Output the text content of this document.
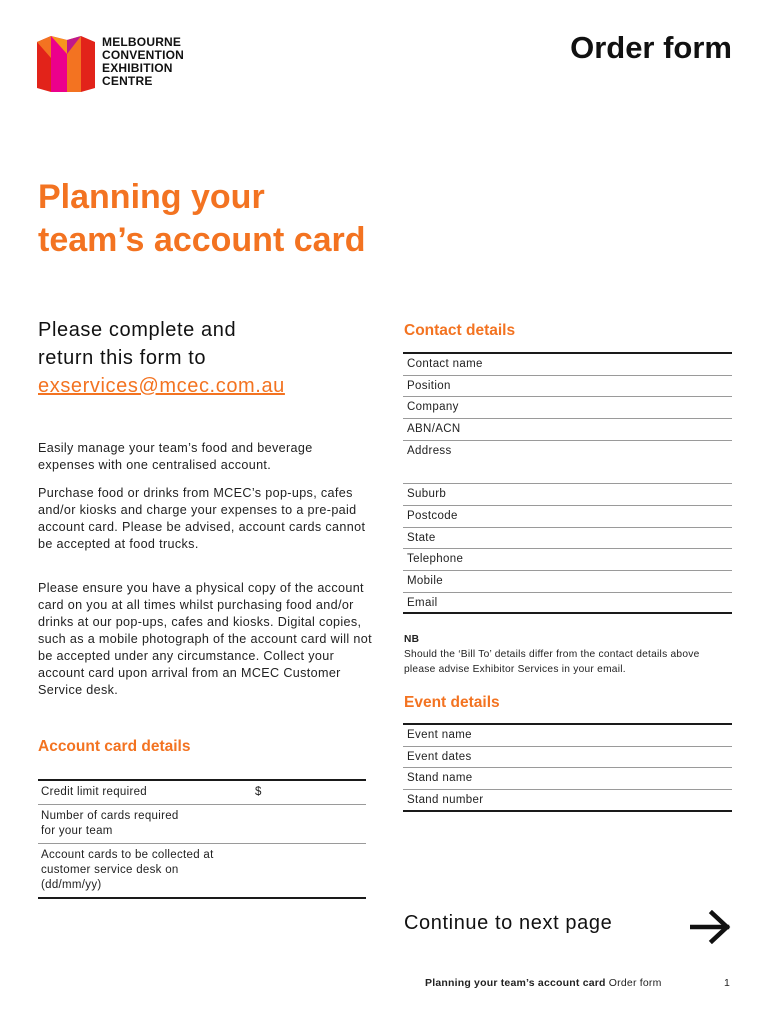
MELBOURNE
CONVENTION
EXHIBITION
CENTRE
Order form
Planning your
team’s account card
Please complete and
return this form to
exservices@mcec.com.au
Easily manage your team’s food and beverage expenses with one centralised account.
Purchase food or drinks from MCEC’s pop-ups, cafes and/or kiosks and charge your expenses to a pre-paid account card. Please be advised, account cards cannot be accepted at food trucks.
Please ensure you have a physical copy of the account card on you at all times whilst purchasing food and/or drinks at our pop-ups, cafes and kiosks. Digital copies, such as a mobile photograph of the account card will not be accepted under any circumstance. Collect your account card upon arrival from an MCEC Customer Service desk.
Account card details
Credit limit required	$
Number of cards required for your team
Account cards to be collected at customer service desk on (dd/mm/yy)
Contact details
Contact name
Position
Company
ABN/ACN
Address
Suburb
Postcode
State
Telephone
Mobile
Email
NB
Should the ‘Bill To’ details differ from the contact details above please advise Exhibitor Services in your email.
Event details
Event name
Event dates
Stand name
Stand number
Continue to next page
Planning your team’s account card Order form	1
